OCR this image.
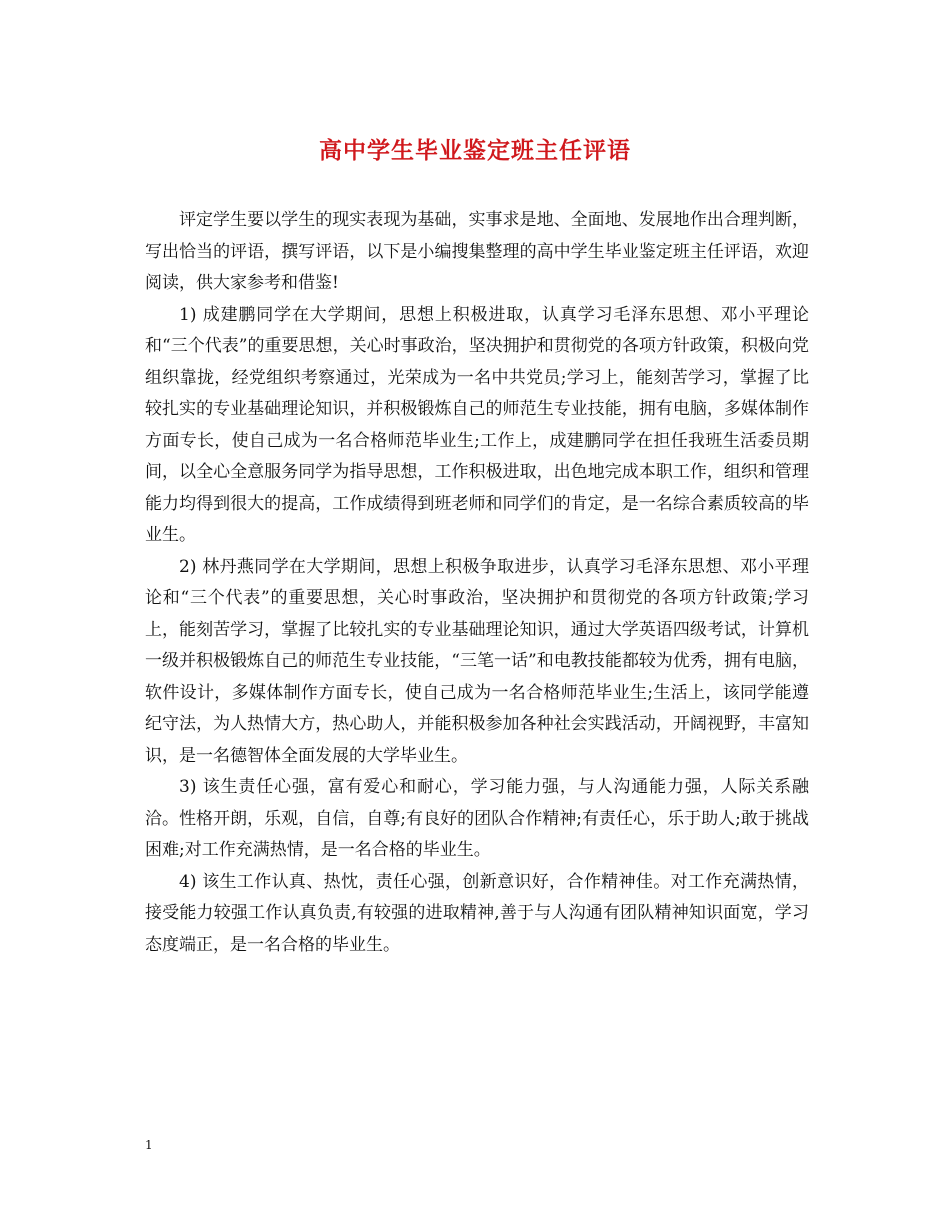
高中学生毕业鉴定班主任评语

评定学生要以学生的现实表现为基础，实事求是地、全面地、发展地作出合理判断，写出恰当的评语，撰写评语，以下是小编搜集整理的高中学生毕业鉴定班主任评语，欢迎阅读，供大家参考和借鉴!

1) 成建鹏同学在大学期间，思想上积极进取，认真学习毛泽东思想、邓小平理论和“三个代表”的重要思想，关心时事政治，坚决拥护和贯彻党的各项方针政策，积极向党组织靠拢，经党组织考察通过，光荣成为一名中共党员;学习上，能刻苦学习，掌握了比较扎实的专业基础理论知识，并积极锻炼自己的师范生专业技能，拥有电脑，多媒体制作方面专长，使自己成为一名合格师范毕业生;工作上，成建鹏同学在担任我班生活委员期间，以全心全意服务同学为指导思想，工作积极进取，出色地完成本职工作，组织和管理能力均得到很大的提高，工作成绩得到班老师和同学们的肯定，是一名综合素质较高的毕业生。

2) 林丹燕同学在大学期间，思想上积极争取进步，认真学习毛泽东思想、邓小平理论和“三个代表”的重要思想，关心时事政治，坚决拥护和贯彻党的各项方针政策;学习上，能刻苦学习，掌握了比较扎实的专业基础理论知识，通过大学英语四级考试，计算机一级并积极锻炼自己的师范生专业技能，“三笔一话”和电教技能都较为优秀，拥有电脑，软件设计，多媒体制作方面专长，使自己成为一名合格师范毕业生;生活上，该同学能遵纪守法，为人热情大方，热心助人，并能积极参加各种社会实践活动，开阔视野，丰富知识，是一名德智体全面发展的大学毕业生。

3) 该生责任心强，富有爱心和耐心，学习能力强，与人沟通能力强，人际关系融洽。性格开朗，乐观，自信，自尊;有良好的团队合作精神;有责任心，乐于助人;敢于挑战困难;对工作充满热情，是一名合格的毕业生。

4) 该生工作认真、热忱，责任心强，创新意识好，合作精神佳。对工作充满热情，接受能力较强工作认真负责,有较强的进取精神,善于与人沟通有团队精神知识面宽，学习态度端正，是一名合格的毕业生。

1
